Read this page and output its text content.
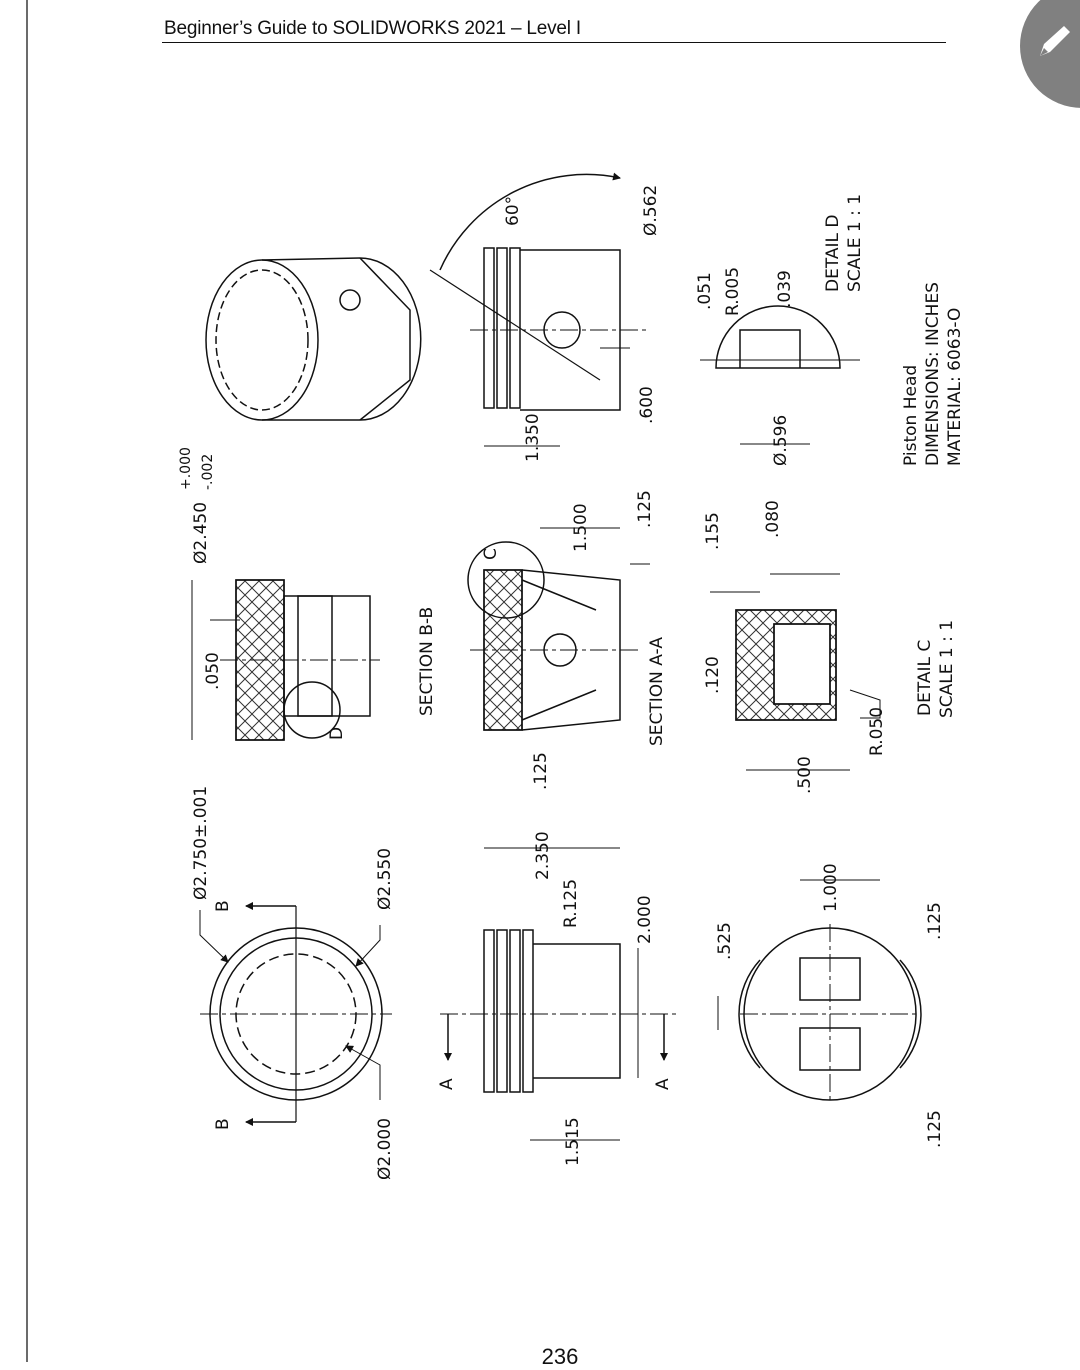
Beginner’s Guide to SOLIDWORKS 2021 – Level I
Ø2.750±.001	Ø2.550
Ø2.000
B
B
2.350
1.515
R.125	2.000
A	A
.525
1.000
.125
.125
SECTION B-B
.050
Ø2.450
+.000 -.002
D	SECTION A-A
.125
1.500	.125
C
DETAIL C SCALE 1 : 1
.120
.155 .080
.500
R.050
1.350
.600
60°	Ø.562
DETAIL D SCALE 1 : 1
.051 R.005 .039
Ø.596	Piston Head DIMENSIONS: INCHES MATERIAL: 6063-O
236
